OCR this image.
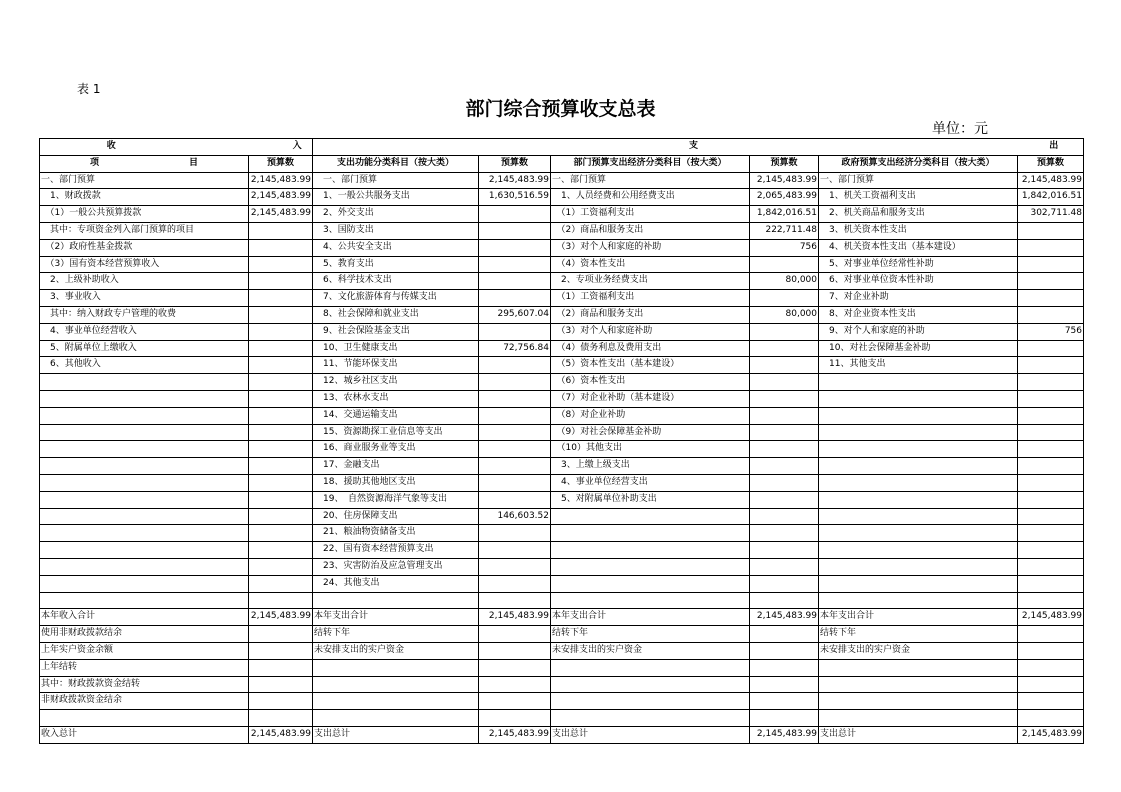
表 1
部门综合预算收支总表
单位：元
收 入		支 出					
项 目	预算数	支出功能分类科目（按大类）	预算数	部门预算支出经济分类科目（按大类）	预算数	政府预算支出经济分类科目（按大类）	预算数
一、部门预算	2,145,483.99	　一、部门预算	2,145,483.99	一、部门预算	2,145,483.99	一、部门预算	2,145,483.99
　1、财政拨款	2,145,483.99	　1、一般公共服务支出	1,630,516.59	　1、人员经费和公用经费支出	2,065,483.99	　1、机关工资福利支出	1,842,016.51
　（1）一般公共预算拨款	2,145,483.99	　2、外交支出		　（1）工资福利支出	1,842,016.51	　2、机关商品和服务支出	302,711.48
　其中：专项资金列入部门预算的项目		　3、国防支出		　（2）商品和服务支出	222,711.48	　3、机关资本性支出	
　（2）政府性基金拨款		　4、公共安全支出		　（3）对个人和家庭的补助	756	　4、机关资本性支出（基本建设）	
　（3）国有资本经营预算收入		　5、教育支出		　（4）资本性支出		　5、对事业单位经常性补助	
　2、上级补助收入		　6、科学技术支出		　2、专项业务经费支出	80,000	　6、对事业单位资本性补助	
　3、事业收入		　7、文化旅游体育与传媒支出		　（1）工资福利支出		　7、对企业补助	
　其中：纳入财政专户管理的收费		　8、社会保障和就业支出	295,607.04	　（2）商品和服务支出	80,000	　8、对企业资本性支出	
　4、事业单位经营收入		　9、社会保险基金支出		　（3）对个人和家庭补助		　9、对个人和家庭的补助	756
　5、附属单位上缴收入		　10、卫生健康支出	72,756.84	　（4）债务利息及费用支出		　10、对社会保障基金补助	
　6、其他收入		　11、节能环保支出		　（5）资本性支出（基本建设）		　11、其他支出	
		　12、城乡社区支出		　（6）资本性支出			
		　13、农林水支出		　（7）对企业补助（基本建设）			
		　14、交通运输支出		　（8）对企业补助			
		　15、资源勘探工业信息等支出		　（9）对社会保障基金补助			
		　16、商业服务业等支出		　（10）其他支出			
		　17、金融支出		　3、上缴上级支出			
		　18、援助其他地区支出		　4、事业单位经营支出			
		　19、　自然资源海洋气象等支出		　5、对附属单位补助支出			
		　20、住房保障支出	146,603.52				
		　21、粮油物资储备支出					
		　22、国有资本经营预算支出					
		　23、灾害防治及应急管理支出					
		　24、其他支出					

本年收入合计	2,145,483.99	本年支出合计	2,145,483.99	本年支出合计	2,145,483.99	本年支出合计	2,145,483.99
使用非财政拨款结余		结转下年		结转下年		结转下年	
上年实户资金余额		未安排支出的实户资金		未安排支出的实户资金		未安排支出的实户资金	
上年结转							
其中：财政拨款资金结转							
非财政拨款资金结余							

收入总计	2,145,483.99	支出总计	2,145,483.99	支出总计	2,145,483.99	支出总计	2,145,483.99
